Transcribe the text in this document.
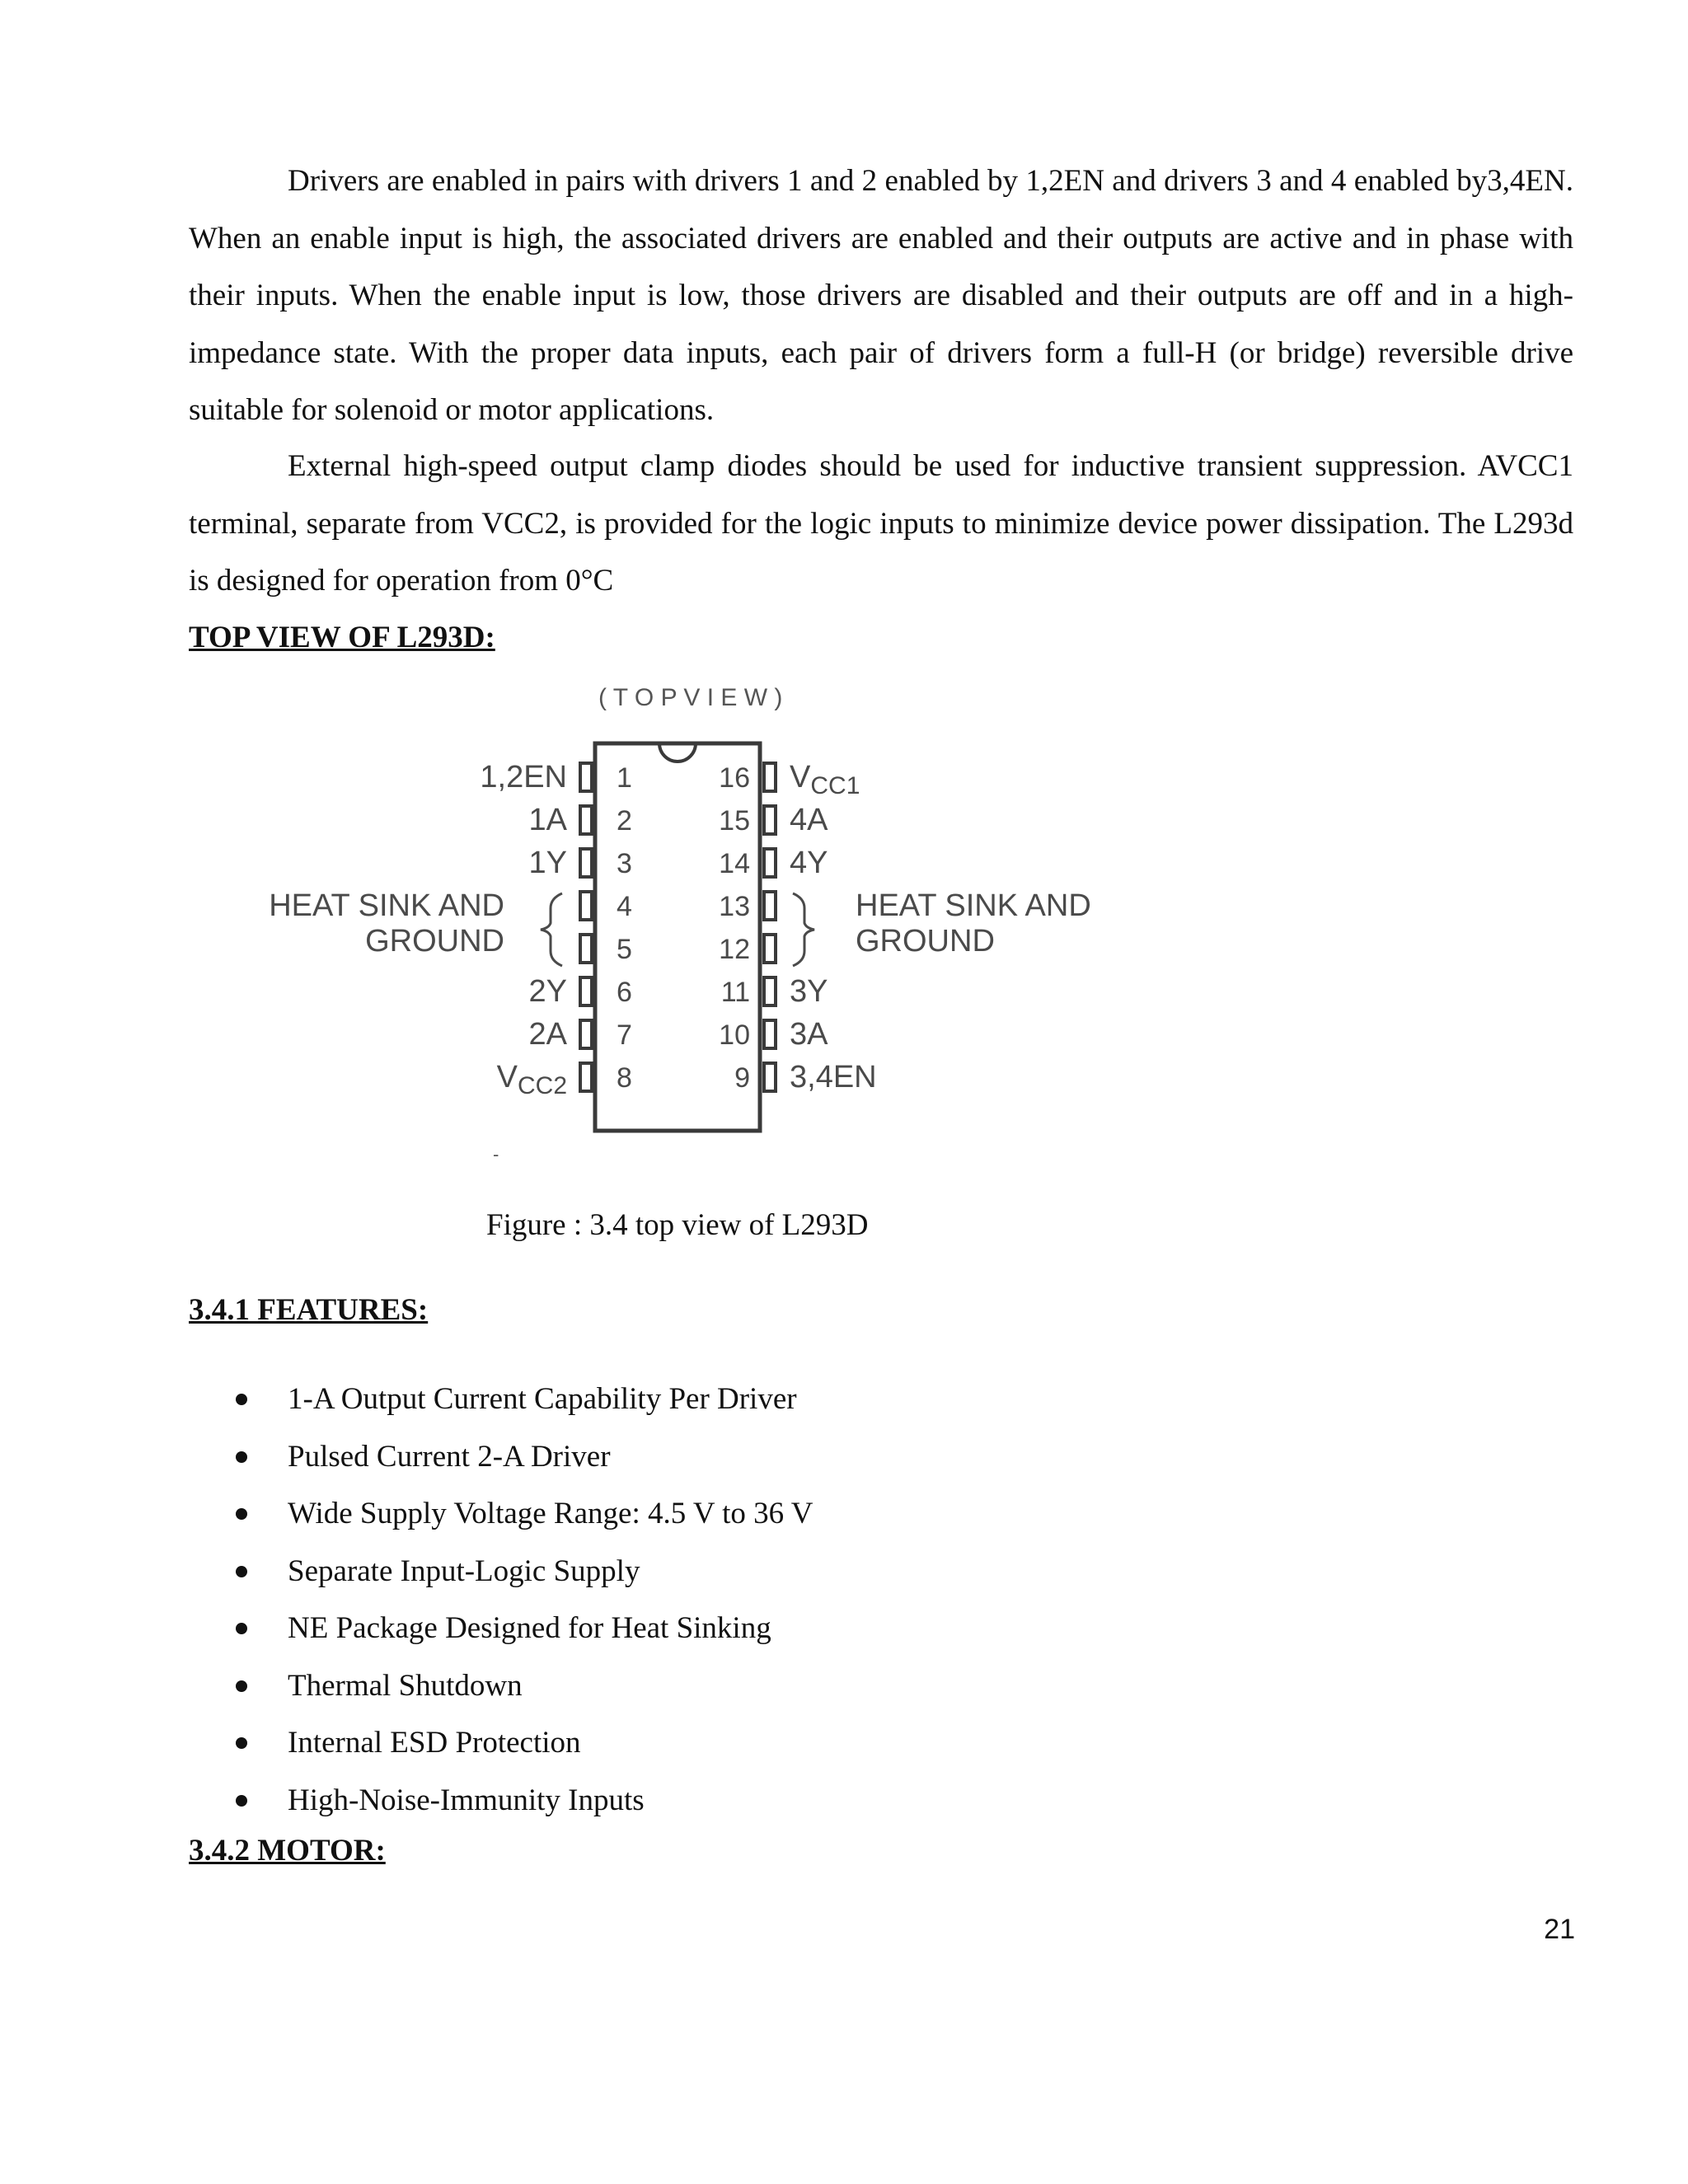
Drivers are enabled in pairs with drivers 1 and 2 enabled by 1,2EN and drivers 3 and 4 enabled by3,4EN. When an enable input is high, the associated drivers are enabled and their outputs are active and in phase with their inputs. When the enable input is low, those drivers are disabled and their outputs are off and in a high-impedance state. With the proper data inputs, each pair of drivers form a full-H (or bridge) reversible drive suitable for solenoid or motor applications.

External high-speed output clamp diodes should be used for inductive transient suppression. AVCC1 terminal, separate from VCC2, is provided for the logic inputs to minimize device power dissipation. The L293d is designed for operation from 0°C

TOP VIEW OF L293D:
( T O P V I E W )
1
1,2EN
2
1A
3
1Y
4
5
6
2Y
7
2A
8
$V_{CC2}$
16 $V_{CC1}$
15 4A
14 4Y
13
12
11 3Y
10 3A
9 3,4EN
HEAT SINK AND
GROUND
HEAT SINK AND
GROUND
-

Figure : 3.4 top view of L293D

3.4.1 FEATURES:
1-A Output Current Capability Per Driver
Pulsed Current 2-A Driver
Wide Supply Voltage Range: 4.5 V to 36 V
Separate Input-Logic Supply
NE Package Designed for Heat Sinking
Thermal Shutdown
Internal ESD Protection
High-Noise-Immunity Inputs
3.4.2 MOTOR:
21
